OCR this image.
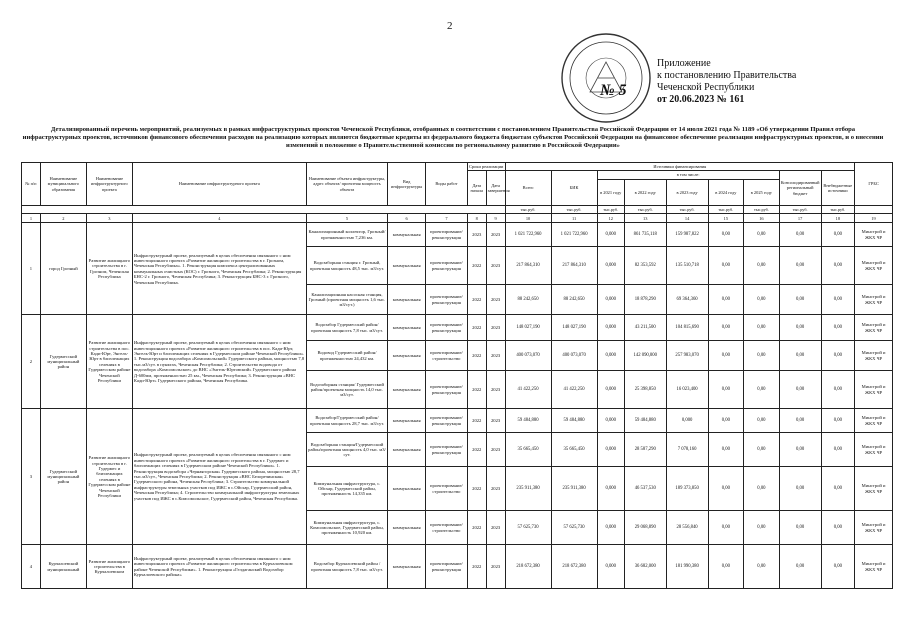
2
№ 5
Приложение
к постановлению Правительства
Чеченской Республики
от 20.06.2023 № 161
Детализированный перечень мероприятий, реализуемых в рамках инфраструктурных проектов Чеченской Республики, отобранных в соответствии с постановлением Правительства Российской Федерации от 14 июля 2021 года № 1189 «Об утверждении Правил отбора инфраструктурных проектов, источников финансового обеспечения расходов на реализацию которых являются бюджетные кредиты из федерального бюджета бюджетам субъектов Российской Федерации на финансовое обеспечение реализации инфраструктурных проектов, и о внесении изменений в положение о Правительственной комиссии по региональному развитию в Российской Федерации»
№ п/п	Наименование муниципального образования	Наименование инфраструктурного проекта	Наименование инфраструктурного проекта	Наименование объекта инфраструктуры, адрес объекта/ проектная мощность объекта	Вид инфраструктуры	Виды работ	Сроки реализации		Источники финансирования									ГРБС
							Дата начала	Дата завершения	Всего	БИК	в том числе:					Консолидированный региональный бюджет	Внебюджетные источники	
											в 2021 году	в 2022 году	в 2023 году	в 2024 году	в 2025 году			
									тыс.руб.	тыс.руб.	тыс.руб.	тыс.руб.	тыс.руб.	тыс.руб.	тыс.руб.	тыс.руб.	тыс.руб.	
1	2	3	4	5	6	7	8	9	10	11	12	13	14	15	16	17	18	19
1	город Грозный	Развитие жилищного строительства в г. Грозном, Чеченская Республика	Инфраструктурный проект, реализуемый в целях обеспечения связанного с ним инвестиционного проекта «Развитие жилищного строительства в г. Грозном, Чеченская Республика». 1. Реконструкция комплекса централизованных коммунальных очистных (КОС) г. Грозного, Чеченская Республика; 2. Реконструкция БНС-2 г. Грозного, Чеченская Республика; 3. Реконструкция БНС-3 г. Грозного, Чеченская Республика.	Канализационный коллектор, Грозный/протяженностью 7,236 км.	коммунальная	проектирование/реконструкция	2023	2023	1 021 722,960	1 021 722,960	0,000	861 735,118	159 987,822	0,00	0,00	0,00	0,00	Минстрой и ЖКХ ЧР
				Водозаборная станция г. Грозный, проектная мощность 48,5 тыс. м3/сут.	коммунальная	проектирование/реконструкция	2022	2023	217 864,310	217 864,310	0,000	82 353,592	135 510,718	0,00	0,00	0,00	0,00	Минстрой и ЖКХ ЧР
				Канализационная насосная станция, Грозный (проектная мощность 1,6 тыс. м3/сут.)	коммунальная	проектирование/реконструкция	2022	2023	88 242,650	88 242,650	0,000	18 878,290	69 364,360	0,00	0,00	0,00	0,00	Минстрой и ЖКХ ЧР
2	Гудермесский муниципальный район	Развитие жилищного строительства в пос. Кади-Юрт, Энгель-Юрт в близлежащих селениях в Гудермесском районе Чеченской Республики	Инфраструктурный проект, реализуемый в целях обеспечения связанного с ним инвестиционного проекта «Развитие жилищного строительства в пос. Кади-Юрт, Энгель-Юрт и близлежащих селениях в Гудермесском районе Чеченской Республики». 1. Реконструкция водозабора «Комсомольский» Гудермесского района, мощностью 7,8 тыс.м3/сут. в пунктах, Чеченская Республика; 2. Строительство водовода от водозабора «Комсомольское» до ВНС «Энгель-Юртовский» Гудермесского района Д-600мм, протяженностью 25 км., Чеченская Республика; 3. Реконструкция «ВНС Кади-Юрт» Гудермесского района, Чеченская Республика.	Водозабор Гудермесский район/проектная мощность 7,8 тыс. м3/сут.	коммунальная	проектирование/реконструкция	2022	2023	148 027,190	148 027,190	0,000	43 211,500	104 815,690	0,00	0,00	0,00	0,00	Минстрой и ЖКХ ЧР
				Водовод Гудермесский район/ протяженностью 24,432 км.	коммунальная	проектирование/строительство	2022	2023	400 073,070	400 073,070	0,000	142 090,000	257 983,070	0,00	0,00	0,00	0,00	Минстрой и ЖКХ ЧР
				Водозаборная станция/ Гудермесский район/проектная мощность 14,0 тыс. м3/сут.	коммунальная	проектирование/реконструкция	2022	2023	41 422,250	41 422,250	0,000	25 398,850	16 023,400	0,00	0,00	0,00	0,00	Минстрой и ЖКХ ЧР
3	Гудермесский муниципальный район	Развитие жилищного строительства в г. Гудермес и близлежащих селениях в Гудермесском районе Чеченской Республики	Инфраструктурный проект, реализуемый в целях обеспечения связанного с ним инвестиционного проекта «Развитие жилищного строительства в г. Гудермес и близлежащих селениях в Гудермесском районе Чеченской Республики». 1. Реконструкция водозабора «Чернаягорская» Гудермесского района, мощностью 28,7 тыс.м3/сут., Чеченская Республика; 2. Реконструкция «ВНС Белоречинская» Гудермесского района, Чеченская Республика; 3. Строительство коммунальной инфраструктуры земельных участков под ИЖС в с.Ойсхар, Гудермесский район, Чеченская Республика; 4. Строительство коммунальной инфраструктуры земельных участков под ИЖС в с.Комсомольское, Гудермесский район, Чеченская Республика.	Водозабор/Гудермесский район/проектная мощность 28,7 тыс. м3/сут.	коммунальная	проектирование/реконструкция	2022	2023	59 484,880	59 484,880	0,000	59 484,880	0,000	0,00	0,00	0,00	0,00	Минстрой и ЖКХ ЧР
				Водозаборная станция/Гудермесский район/проектная мощность 4,0 тыс. м3/сут.	коммунальная	проектирование/реконструкция	2022	2023	35 665,450	35 665,450	0,000	28 587,290	7 078,160	0,00	0,00	0,00	0,00	Минстрой и ЖКХ ЧР
				Коммунальная инфраструктура, с. Ойсхар, Гудермесский район, протяженность 14,335 км.	коммунальная	проектирование/строительство	2022	2023	235 911,380	235 911,380	0,000	46 537,530	189 373,850	0,00	0,00	0,00	0,00	Минстрой и ЖКХ ЧР
				Коммунальная инфраструктура, с. Комсомольское, Гудермесский район, протяженность 10,920 км.	коммунальная	проектирование/строительство	2022	2023	57 625,730	57 625,730	0,000	29 068,890	28 556,840	0,00	0,00	0,00	0,00	Минстрой и ЖКХ ЧР
4	Курчалоевский муниципальный	Развитие жилищного строительства в Курчалоевском	Инфраструктурный проект, реализуемый в целях обеспечения связанного с ним инвестиционного проекта «Развитие жилищного строительства в Курчалоевском районе Чеченской Республики». 1. Реконструкция «Гелдаганский Водозабор Курчалоевского района»	Водозабор Курчалоевский район /проектная мощность 7,8 тыс. м3/сут.	коммунальная	проектирование/реконструкция	2022	2023	218 672,380	218 672,380	0,000	36 682,000	181 990,380	0,00	0,00	0,00	0,00	Минстрой и ЖКХ ЧР
